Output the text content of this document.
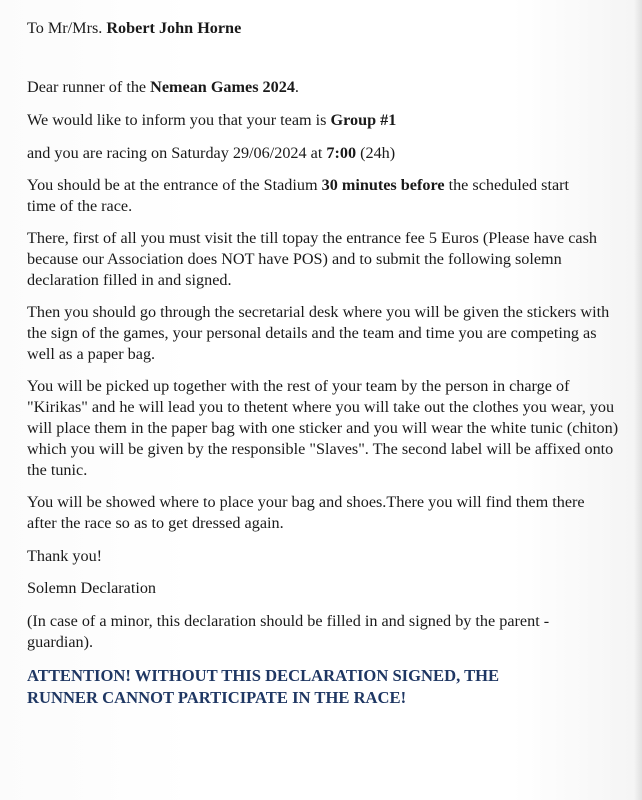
To Mr/Mrs. Robert John Horne

Dear runner of the Nemean Games 2024.

We would like to inform you that your team is Group #1

and you are racing on Saturday 29/06/2024 at 7:00 (24h)

You should be at the entrance of the Stadium 30 minutes before the scheduled start time of the race.

There, first of all you must visit the till topay the entrance fee 5 Euros (Please have cash because our Association does NOT have POS) and to submit the following solemn declaration filled in and signed.

Then you should go through the secretarial desk where you will be given the stickers with the sign of the games, your personal details and the team and time you are competing as well as a paper bag.

You will be picked up together with the rest of your team by the person in charge of "Kirikas" and he will lead you to thetent where you will take out the clothes you wear, you will place them in the paper bag with one sticker and you will wear the white tunic (chiton) which you will be given by the responsible "Slaves". The second label will be affixed onto the tunic.

You will be showed where to place your bag and shoes.There you will find them there after the race so as to get dressed again.

Thank you!

Solemn Declaration

(In case of a minor, this declaration should be filled in and signed by the parent -guardian).

ATTENTION! WITHOUT THIS DECLARATION SIGNED, THE

RUNNER CANNOT PARTICIPATE IN THE RACE!
